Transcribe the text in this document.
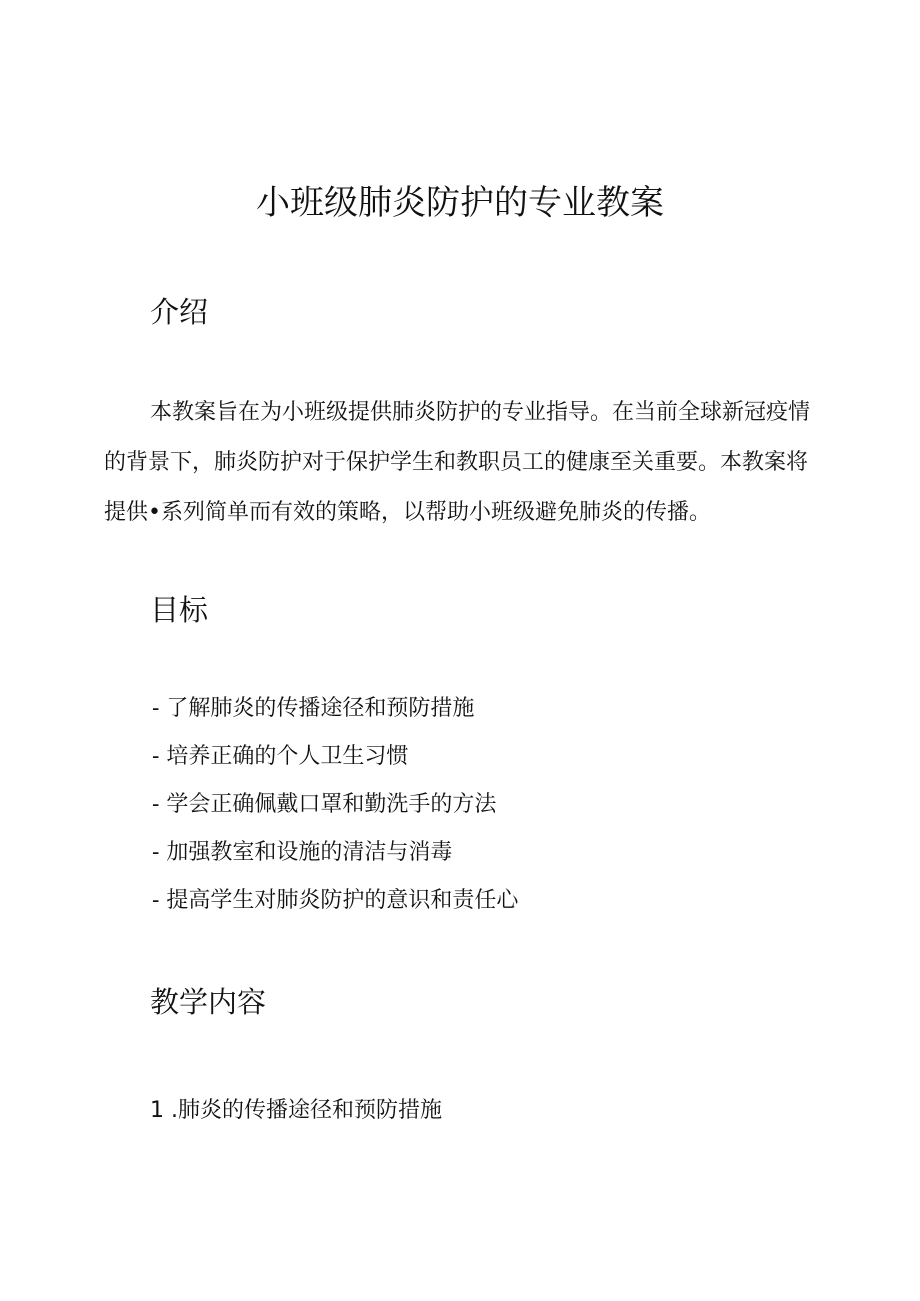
小班级肺炎防护的专业教案
介绍

本教案旨在为小班级提供肺炎防护的专业指导。在当前全球新冠疫情的背景下，肺炎防护对于保护学生和教职员工的健康至关重要。本教案将提供•系列简单而有效的策略，以帮助小班级避免肺炎的传播。

目标
- 了解肺炎的传播途径和预防措施
- 培养正确的个人卫生习惯
- 学会正确佩戴口罩和勤洗手的方法
- 加强教室和设施的清洁与消毒
- 提高学生对肺炎防护的意识和责任心
教学内容
1 .肺炎的传播途径和预防措施
